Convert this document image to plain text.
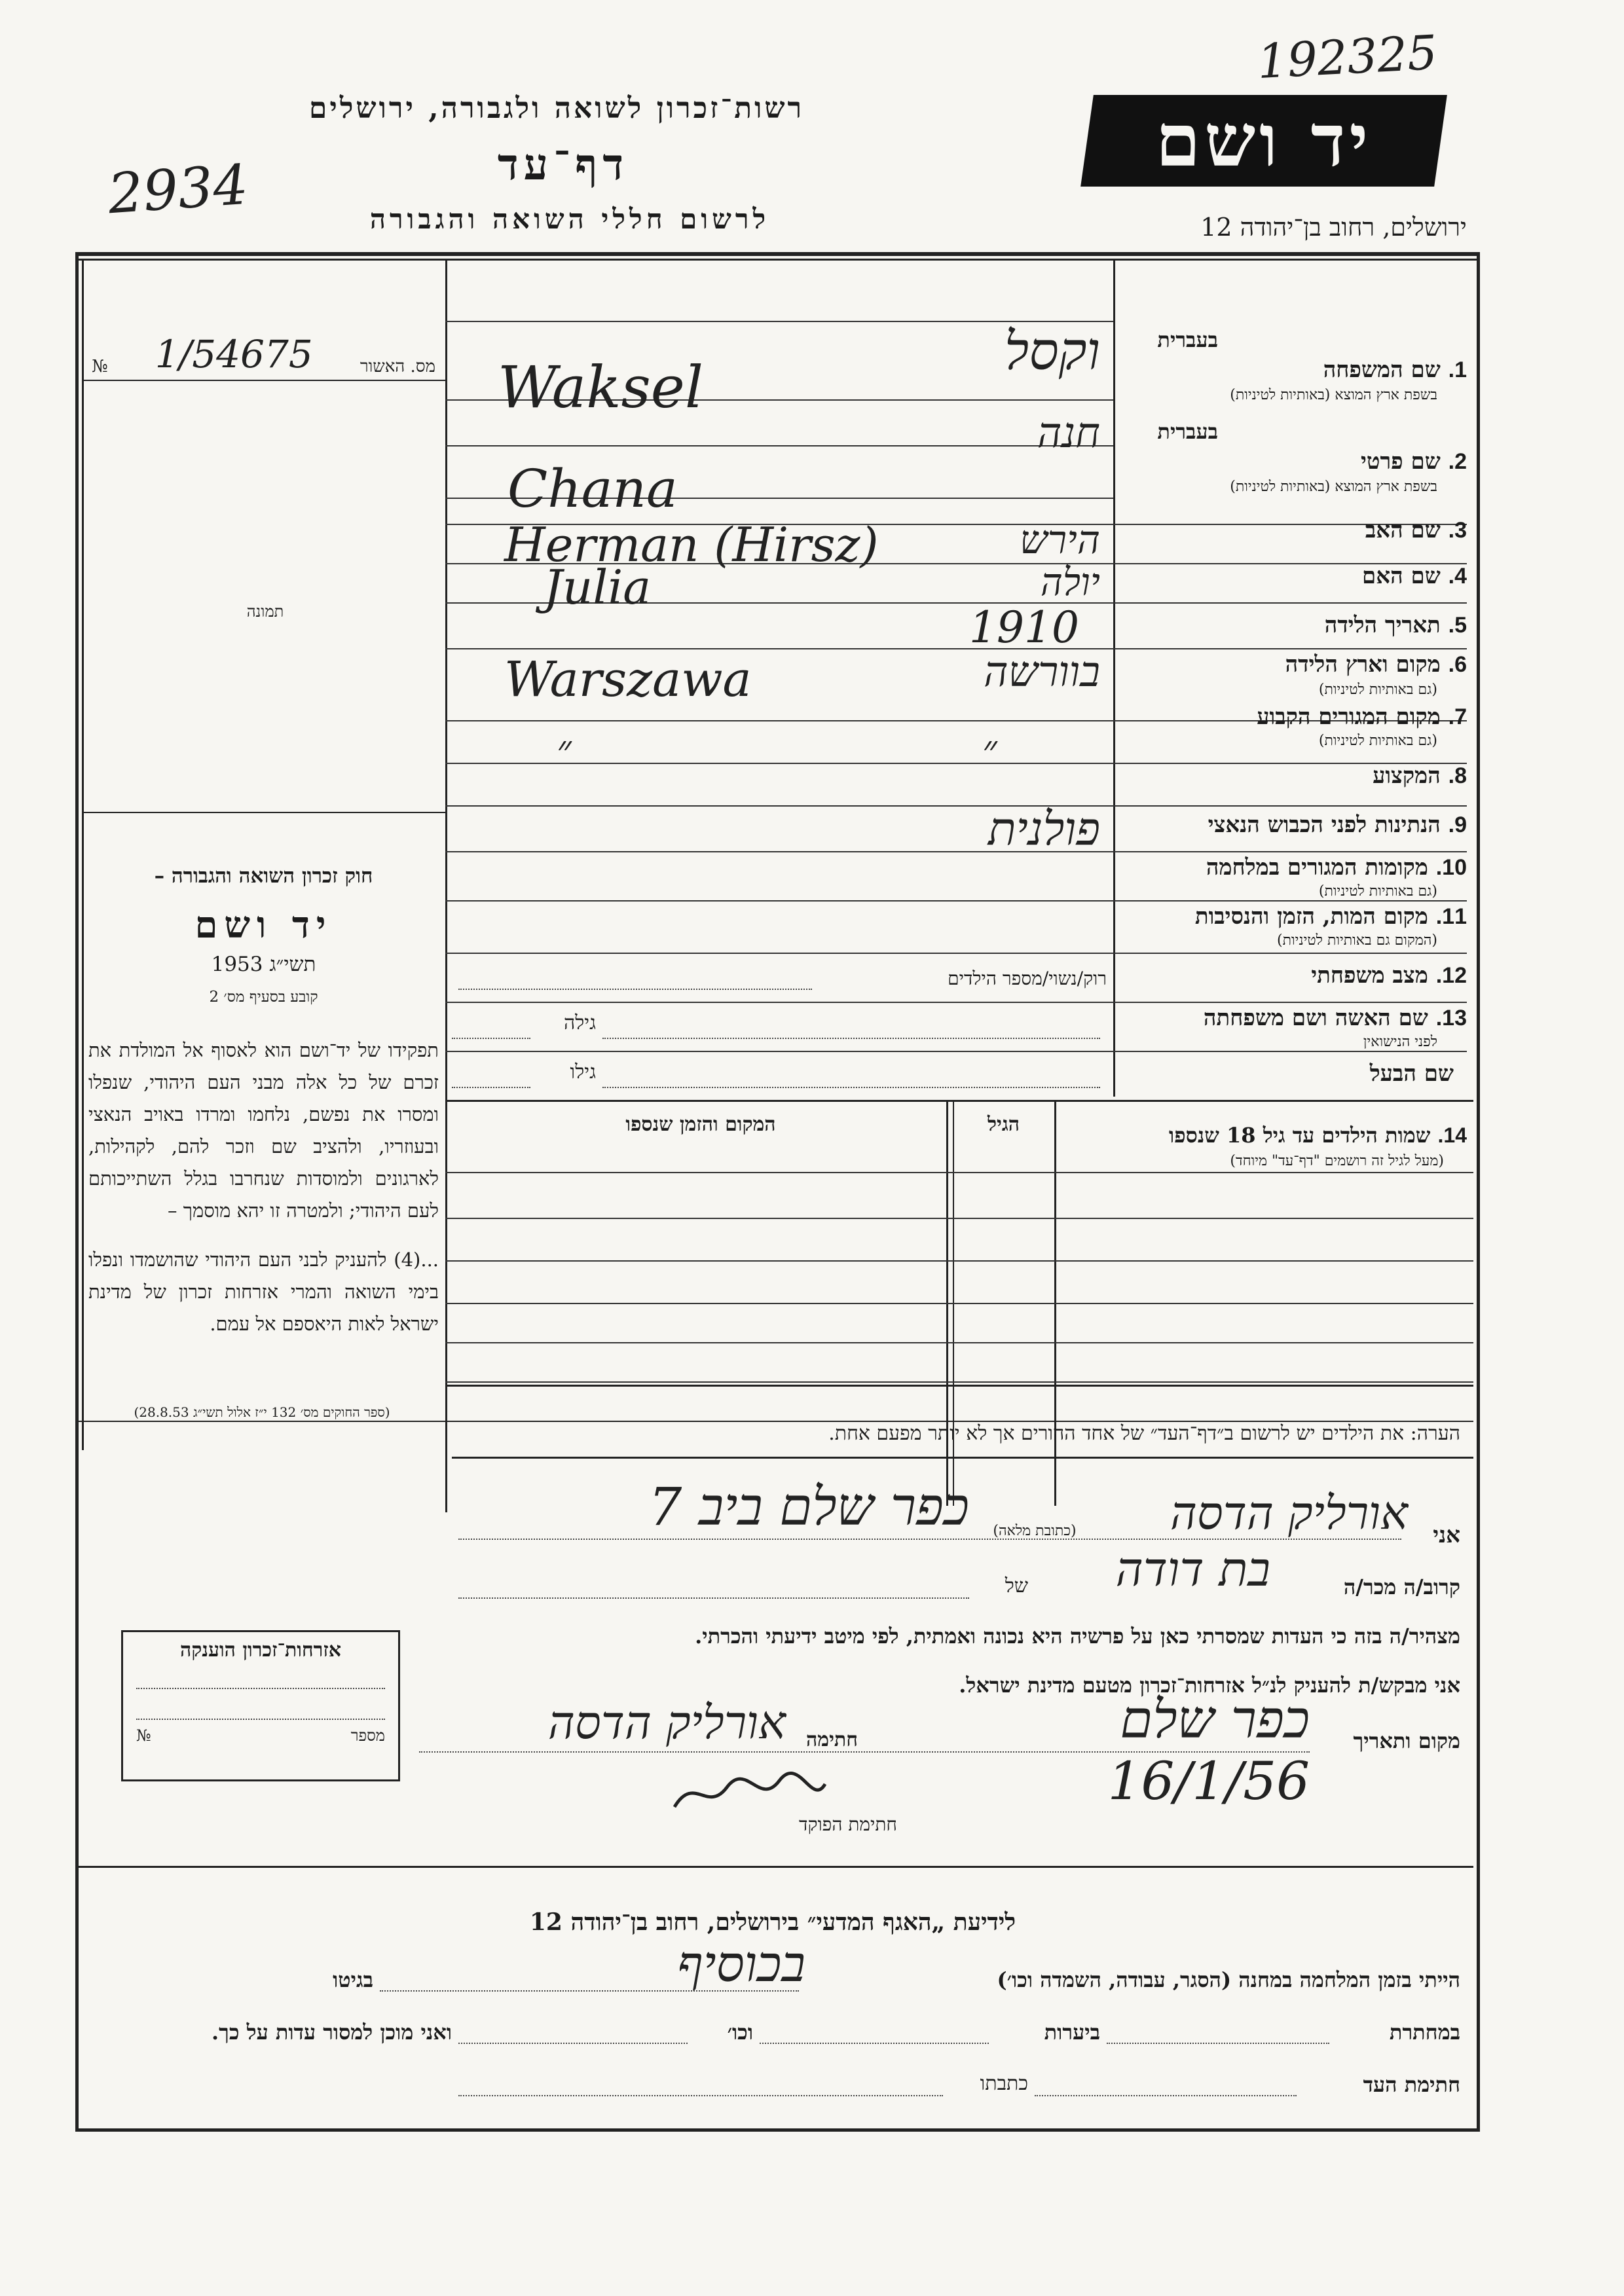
192325
2934
רשות־זכרון לשואה ולגבורה, ירושלים
דף־עד
לרשום חללי השואה והגבורה
יד ושם
ירושלים, רחוב בן־יהודה 12
מס. האשור
1/54675
№
תמונה
חוק זכרון השואה והגבורה –
יד ושם
תשי״ג 1953
קובע בסעיף מס׳ 2
תפקידו של יד־ושם הוא לאסוף אל המולדת את זכרם של כל אלה מבני העם היהודי, שנפלו ומסרו את נפשם, נלחמו ומרדו באויב הנאצי ובעוזריו, ולהציב שם וזכר להם, לקהילות, לארגונים ולמוסדות שנחרבו בגלל השתייכותם לעם היהודי; ולמטרה זו יהא מוסמך –
...(4) להעניק לבני העם היהודי שהושמדו ונפלו בימי השואה והמרי אזרחות זכרון של מדינת ישראל לאות היאספם אל עמם.
(ספר החוקים מס׳ 132 י״ז אלול תשי״ג 28.8.53)
בעברית
1. שם המשפחה
בשפת ארץ המוצא (באותיות לטיניות)
וקסל
Waksel
בעברית
2. שם פרטי
בשפת ארץ המוצא (באותיות לטיניות)
חנה
Chana
3. שם האב
הירש
Herman (Hirsz)
4. שם האם
יולה
Julia
5. תאריך הלידה
1910
6. מקום וארץ הלידה
(גם באותיות לטיניות)
בוורשה
Warszawa
7. מקום המגורים הקבוע
(גם באותיות לטיניות)
״
״
8. המקצוע
9. הנתינות לפני הכבוש הנאצי
פולנית
10. מקומות המגורים במלחמה
(גם באותיות לטיניות)
11. מקום המות, הזמן והנסיבות
(המקום גם באותיות לטיניות)
12. מצב משפחתי
רוק/נשוי/מספר הילדים
13. שם האשה ושם משפחתה
לפני הנישואין
גילה
שם הבעל
גילו
14. שמות הילדים עד גיל 18 שנספו
(מעל לגיל זה רושמים "דף־עד" מיוחד)
הגיל
המקום והזמן שנספו
הערה: את הילדים יש לרשום ב״דף־העד״ של אחד ההורים אך לא יותר מפעם אחת.
אני
אורליק הדסה
(כתובת מלאה)
כפר שלם ביב 7
קרוב/ה מכר/ה
בת דודה
של
מצהיר/ה בזה כי העדות שמסרתי כאן על פרשיה היא נכונה ואמתית, לפי מיטב ידיעתי והכרתי.
אני מבקש/ת להעניק לנ״ל אזרחות־זכרון מטעם מדינת ישראל.
מקום ותאריך
כפר שלם 16/1/56
חתימה
אורליק הדסה
חתימת הפוקד
אזרחות־זכרון הוענקה
מספר
№
לידיעת „האגף המדעי״ בירושלים, רחוב בן־יהודה 12
הייתי בזמן המלחמה במחנה (הסגר, עבודה, השמדה וכו׳)
בכוסיף
בגיטו
במחתרת
ביערות
וכו׳
ואני מוכן למסור עדות על כך.
חתימת העד
כתבתו
